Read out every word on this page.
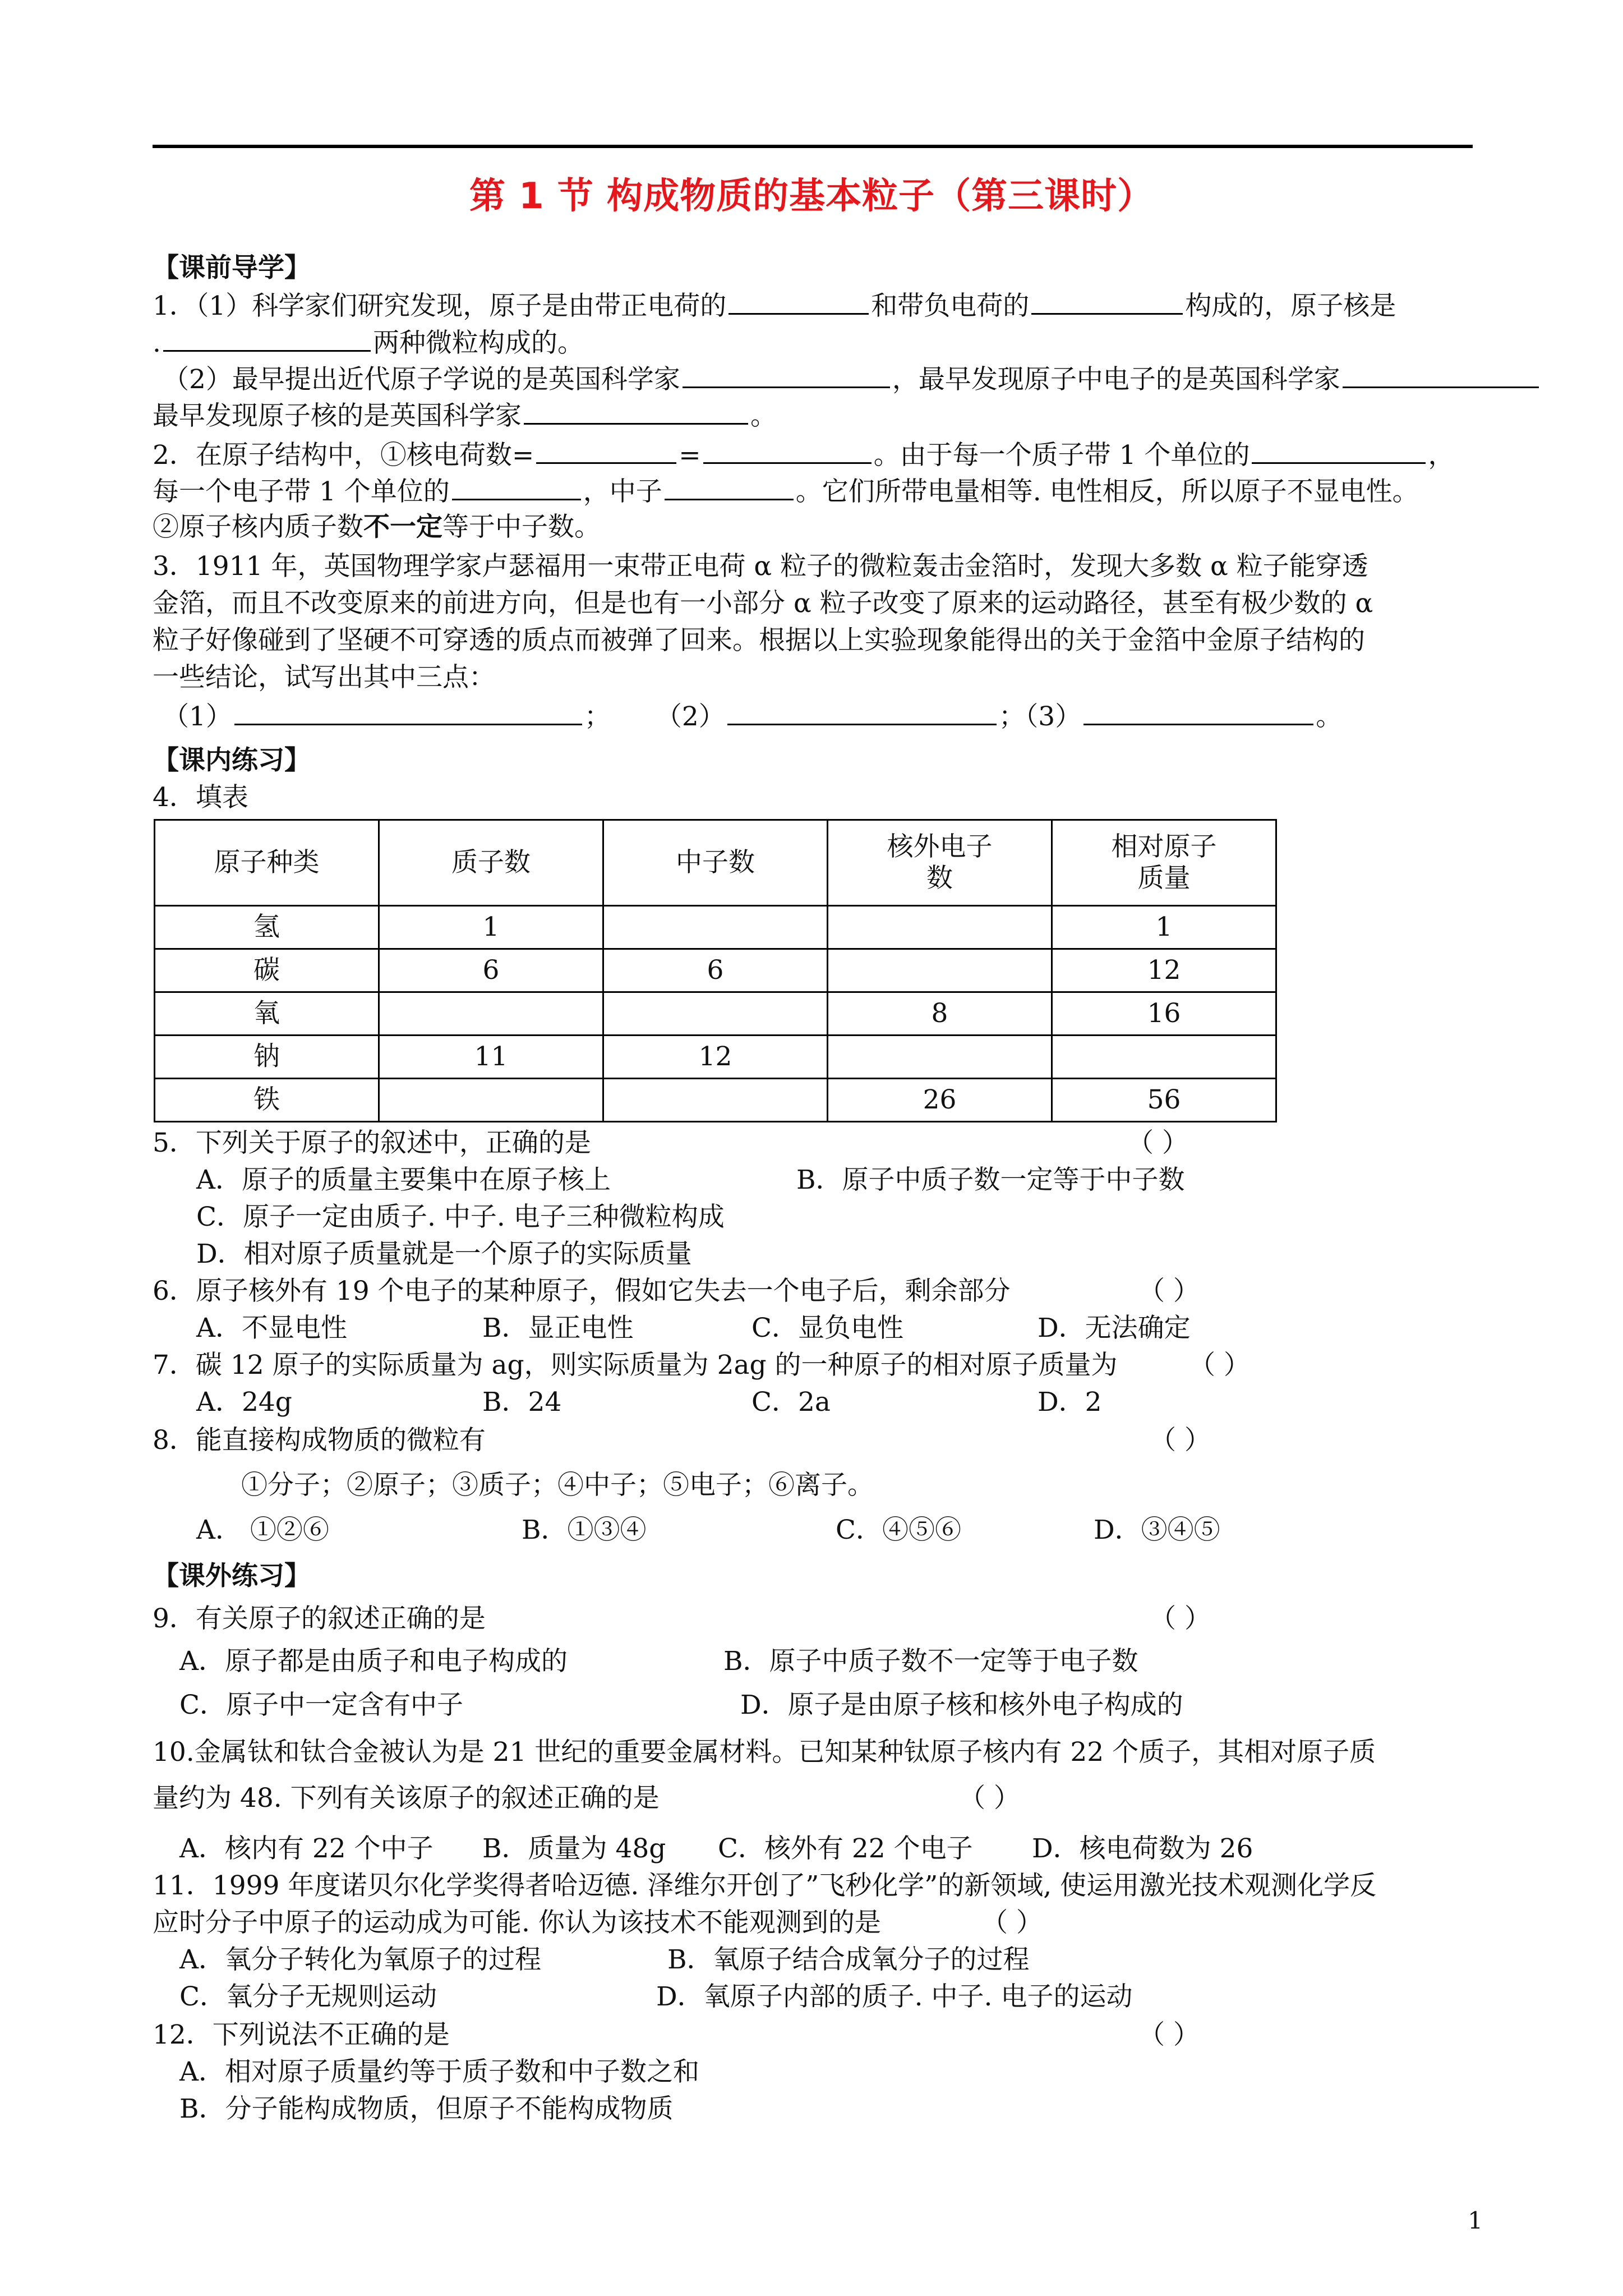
第 1 节 构成物质的基本粒子（第三课时）
【课前导学】
1．（1）科学家们研究发现，原子是由带正电荷的	和带负电荷的	构成的，原子核是
.	两种微粒构成的。
（2）最早提出近代原子学说的是英国科学家	，最早发现原子中电子的是英国科学家
最早发现原子核的是英国科学家	。
2．在原子结构中，①核电荷数=	=	。由于每一个质子带 1 个单位的	，
每一个电子带 1 个单位的	，中子	。它们所带电量相等. 电性相反，所以原子不显电性。
②原子核内质子数不一定等于中子数。
3．1911 年，英国物理学家卢瑟福用一束带正电荷 α 粒子的微粒轰击金箔时，发现大多数 α 粒子能穿透
金箔，而且不改变原来的前进方向，但是也有一小部分 α 粒子改变了原来的运动路径，甚至有极少数的 α
粒子好像碰到了坚硬不可穿透的质点而被弹了回来。根据以上实验现象能得出的关于金箔中金原子结构的
一些结论，试写出其中三点：
（1）	； （2）	；（3）	。
【课内练习】
4．填表
原子种类	质子数	中子数	核外电子
数	相对原子
质量
氢	1			1
碳	6	6		12
氧			8	16
钠	11	12		
铁			26	56
5．下列关于原子的叙述中，正确的是	（ ）
A．原子的质量主要集中在原子核上	B．原子中质子数一定等于中子数
C．原子一定由质子. 中子. 电子三种微粒构成
D．相对原子质量就是一个原子的实际质量
6．原子核外有 19 个电子的某种原子，假如它失去一个电子后，剩余部分	（ ）
A．不显电性	B．显正电性	C．显负电性	D．无法确定
7．碳 12 原子的实际质量为 ag，则实际质量为 2ag 的一种原子的相对原子质量为	（ ）
A．24g	B．24	C．2a	D．2
8．能直接构成物质的微粒有	（ ）
①分子；②原子；③质子；④中子；⑤电子；⑥离子。
A． ①②⑥	B．①③④	C．④⑤⑥	D．③④⑤
【课外练习】
9．有关原子的叙述正确的是	（ ）
A．原子都是由质子和电子构成的	B．原子中质子数不一定等于电子数
C．原子中一定含有中子	D．原子是由原子核和核外电子构成的
10.金属钛和钛合金被认为是 21 世纪的重要金属材料。已知某种钛原子核内有 22 个质子，其相对原子质
量约为 48. 下列有关该原子的叙述正确的是	（ ）
A．核内有 22 个中子 B．质量为 48g C．核外有 22 个电子 D．核电荷数为 26
11．1999 年度诺贝尔化学奖得者哈迈德. 泽维尔开创了”飞秒化学”的新领域, 使运用激光技术观测化学反
应时分子中原子的运动成为可能. 你认为该技术不能观测到的是	（ ）
A．氧分子转化为氧原子的过程	B．氧原子结合成氧分子的过程
C．氧分子无规则运动	D．氧原子内部的质子. 中子. 电子的运动
12．下列说法不正确的是	（ ）
A．相对原子质量约等于质子数和中子数之和
B．分子能构成物质，但原子不能构成物质
1
